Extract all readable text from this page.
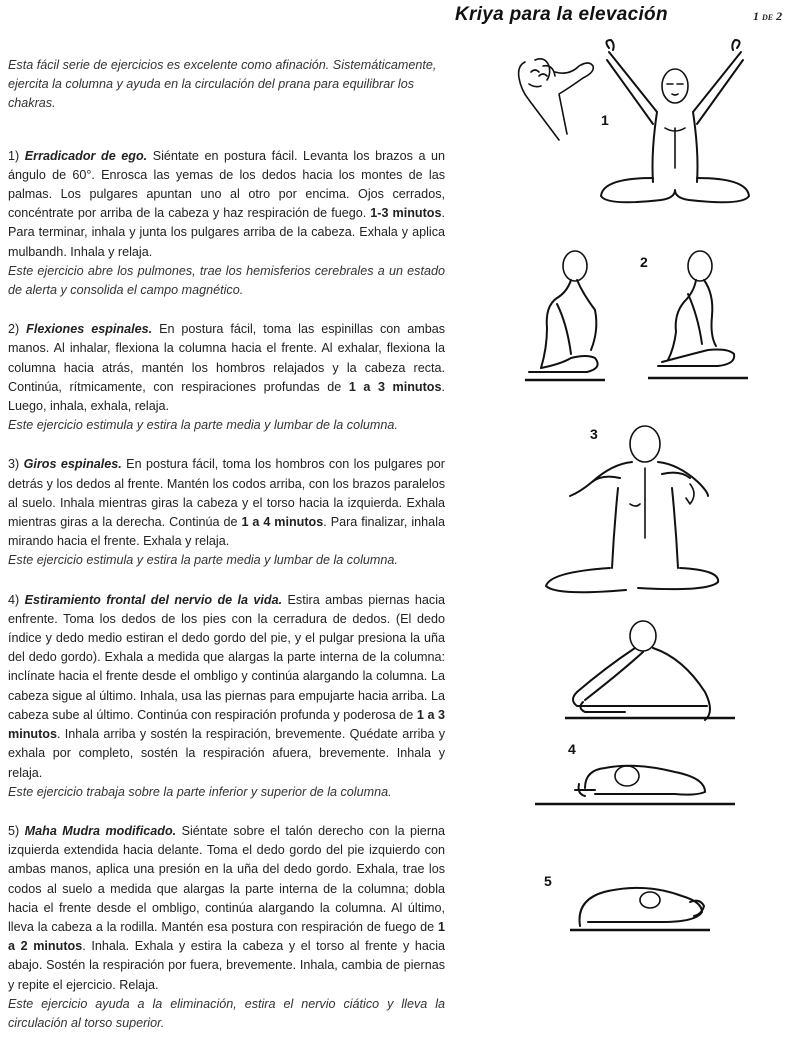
Kriya para la elevación	1 DE 2

Esta fácil serie de ejercicios es excelente como afinación. Sistemáticamente, ejercita la columna y ayuda en la circulación del prana para equilibrar los chakras.

1) Erradicador de ego. Siéntate en postura fácil. Levanta los brazos a un ángulo de 60°. Enrosca las yemas de los dedos hacia los montes de las palmas. Los pulgares apuntan uno al otro por encima. Ojos cerrados, concéntrate por arriba de la cabeza y haz respiración de fuego. 1-3 minutos. Para terminar, inhala y junta los pulgares arriba de la cabeza. Exhala y aplica mulbandh. Inhala y relaja.
Este ejercicio abre los pulmones, trae los hemisferios cerebrales a un estado de alerta y consolida el campo magnético.

2) Flexiones espinales. En postura fácil, toma las espinillas con ambas manos. Al inhalar, flexiona la columna hacia el frente. Al exhalar, flexiona la columna hacia atrás, mantén los hombros relajados y la cabeza recta. Continúa, rítmicamente, con respiraciones profundas de 1 a 3 minutos. Luego, inhala, exhala, relaja.
Este ejercicio estimula y estira la parte media y lumbar de la columna.

3) Giros espinales. En postura fácil, toma los hombros con los pulgares por detrás y los dedos al frente. Mantén los codos arriba, con los brazos paralelos al suelo. Inhala mientras giras la cabeza y el torso hacia la izquierda. Exhala mientras giras a la derecha. Continúa de 1 a 4 minutos. Para finalizar, inhala mirando hacia el frente. Exhala y relaja.
Este ejercicio estimula y estira la parte media y lumbar de la columna.

4) Estiramiento frontal del nervio de la vida. Estira ambas piernas hacia enfrente. Toma los dedos de los pies con la cerradura de dedos. (El dedo índice y dedo medio estiran el dedo gordo del pie, y el pulgar presiona la uña del dedo gordo). Exhala a medida que alargas la parte interna de la columna: inclínate hacia el frente desde el ombligo y continúa alargando la columna. La cabeza sigue al último. Inhala, usa las piernas para empujarte hacia arriba. La cabeza sube al último. Continúa con respiración profunda y poderosa de 1 a 3 minutos. Inhala arriba y sostén la respiración, brevemente. Quédate arriba y exhala por completo, sostén la respiración afuera, brevemente. Inhala y relaja.
Este ejercicio trabaja sobre la parte inferior y superior de la columna.

5) Maha Mudra modificado. Siéntate sobre el talón derecho con la pierna izquierda extendida hacia delante. Toma el dedo gordo del pie izquierdo con ambas manos, aplica una presión en la uña del dedo gordo. Exhala, trae los codos al suelo a medida que alargas la parte interna de la columna; dobla hacia el frente desde el ombligo, continúa alargando la columna. Al último, lleva la cabeza a la rodilla. Mantén esa postura con respiración de fuego de 1 a 2 minutos. Inhala. Exhala y estira la cabeza y el torso al frente y hacia abajo. Sostén la respiración por fuera, brevemente. Inhala, cambia de piernas y repite el ejercicio. Relaja.
Este ejercicio ayuda a la eliminación, estira el nervio ciático y lleva la circulación al torso superior.

1
2
3
4
5
